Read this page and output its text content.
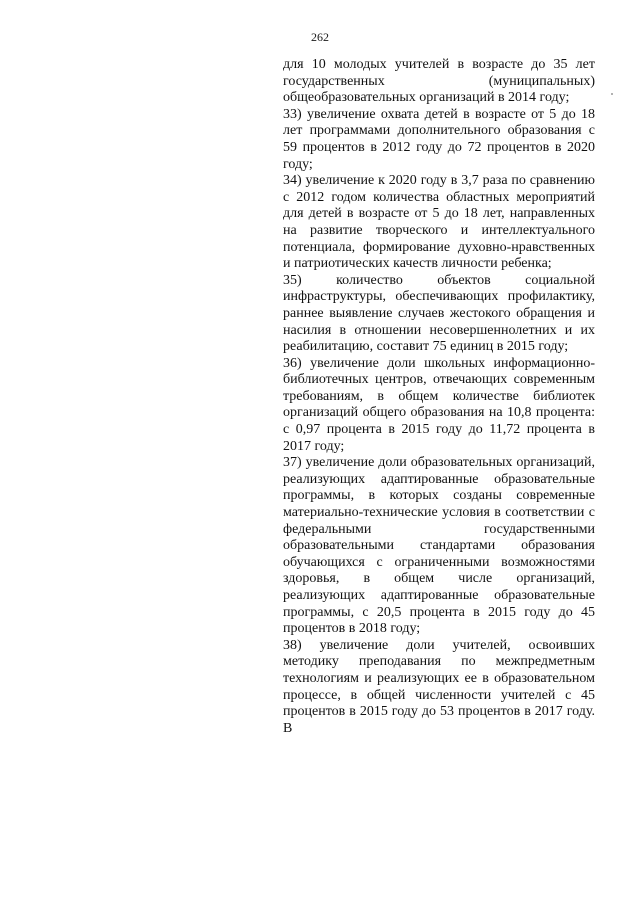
262

для 10 молодых учителей в возрасте до 35 лет государственных (муниципальных) общеобразовательных организаций в 2014 году;

33) увеличение охвата детей в возрасте от 5 до 18 лет программами дополнительного образования с 59 процентов в 2012 году до 72 процентов в 2020 году;

34) увеличение к 2020 году в 3,7 раза по сравнению с 2012 годом количества областных мероприятий для детей в возрасте от 5 до 18 лет, направленных на развитие творческого и интеллектуального потенциала, формирование духовно-нравственных и патриотических качеств личности ребенка;

35) количество объектов социальной инфраструктуры, обеспечивающих профилактику, раннее выявление случаев жестокого обращения и насилия в отношении несовершеннолетних и их реабилитацию, составит 75 единиц в 2015 году;

36) увеличение доли школьных информационно-библиотечных центров, отвечающих современным требованиям, в общем количестве библиотек организаций общего образования на 10,8 процента: с 0,97 процента в 2015 году до 11,72 процента в 2017 году;

37) увеличение доли образовательных организаций, реализующих адаптированные образовательные программы, в которых созданы современные материально-технические условия в соответствии с федеральными государственными образовательными стандартами образования обучающихся с ограниченными возможностями здоровья, в общем числе организаций, реализующих адаптированные образовательные программы, с 20,5 процента в 2015 году до 45 процентов в 2018 году;

38) увеличение доли учителей, освоивших методику преподавания по межпредметным технологиям и реализующих ее в образовательном процессе, в общей численности учителей с 45 процентов в 2015 году до 53 процентов в 2017 году. В
